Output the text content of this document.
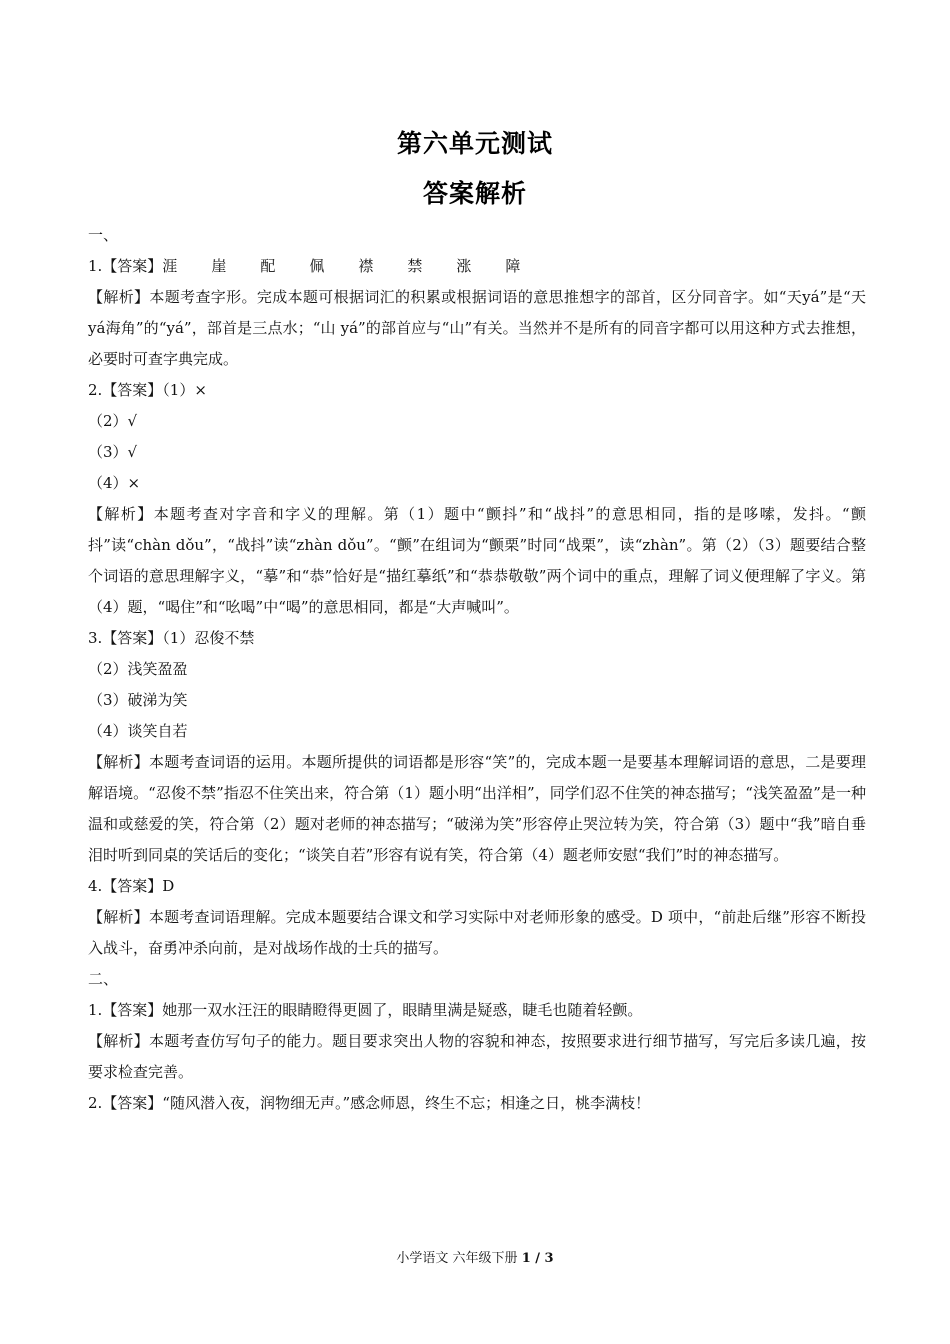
第六单元测试
答案解析

一、

1.【答案】涯 崖 配 佩 襟 禁 涨 障

【解析】本题考查字形。完成本题可根据词汇的积累或根据词语的意思推想字的部首，区分同音字。如“天yá”是“天 yá海角”的“yá”，部首是三点水；“山 yá”的部首应与“山”有关。当然并不是所有的同音字都可以用这种方式去推想，必要时可查字典完成。

2.【答案】（1）×

（2）√

（3）√

（4）×

【解析】本题考查对字音和字义的理解。第（1）题中“颤抖”和“战抖”的意思相同，指的是哆嗦，发抖。“颤抖”读“chàn dǒu”，“战抖”读“zhàn dǒu”。“颤”在组词为“颤栗”时同“战栗”，读“zhàn”。第（2）（3）题要结合整个词语的意思理解字义，“摹”和“恭”恰好是“描红摹纸”和“恭恭敬敬”两个词中的重点，理解了词义便理解了字义。第（4）题，“喝住”和“吆喝”中“喝”的意思相同，都是“大声喊叫”。

3.【答案】（1）忍俊不禁

（2）浅笑盈盈

（3）破涕为笑

（4）谈笑自若

【解析】本题考查词语的运用。本题所提供的词语都是形容“笑”的，完成本题一是要基本理解词语的意思，二是要理解语境。“忍俊不禁”指忍不住笑出来，符合第（1）题小明“出洋相”，同学们忍不住笑的神态描写；“浅笑盈盈”是一种温和或慈爱的笑，符合第（2）题对老师的神态描写；“破涕为笑”形容停止哭泣转为笑，符合第（3）题中“我”暗自垂泪时听到同桌的笑话后的变化；“谈笑自若”形容有说有笑，符合第（4）题老师安慰“我们”时的神态描写。

4.【答案】D

【解析】本题考查词语理解。完成本题要结合课文和学习实际中对老师形象的感受。D 项中，“前赴后继”形容不断投入战斗，奋勇冲杀向前，是对战场作战的士兵的描写。

二、

1.【答案】她那一双水汪汪的眼睛瞪得更圆了，眼睛里满是疑惑，睫毛也随着轻颤。

【解析】本题考查仿写句子的能力。题目要求突出人物的容貌和神态，按照要求进行细节描写，写完后多读几遍，按要求检查完善。

2.【答案】“随风潜入夜，润物细无声。”感念师恩，终生不忘；相逢之日，桃李满枝！

小学语文 六年级下册 1 / 3
